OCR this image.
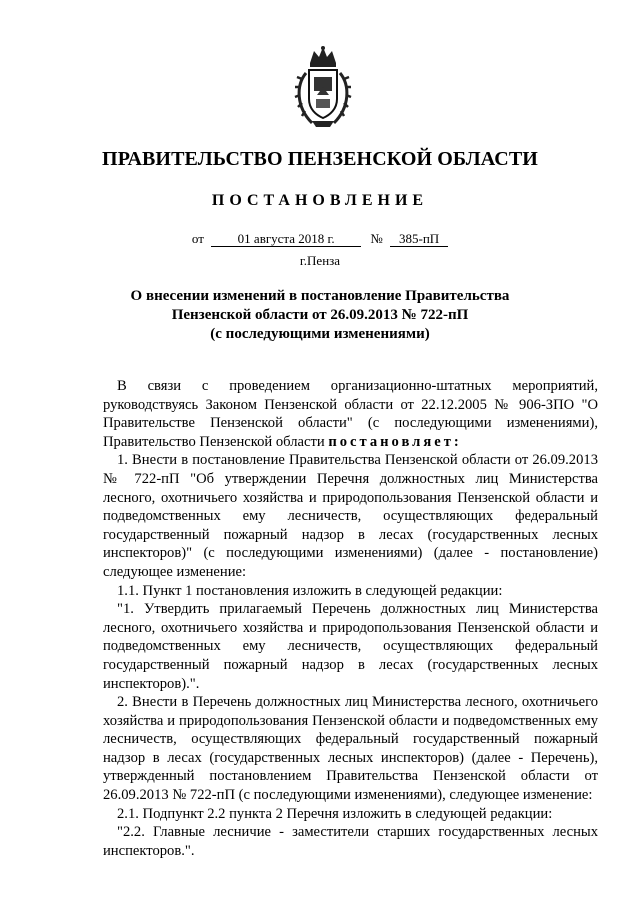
ПРАВИТЕЛЬСТВО ПЕНЗЕНСКОЙ ОБЛАСТИ
ПОСТАНОВЛЕНИЕ
от	01 августа 2018 г.	№ 385-пП
г.Пенза
О внесении изменений в постановление Правительства
Пензенской области от 26.09.2013 № 722-пП
(с последующими изменениями)

В связи с проведением организационно-штатных мероприятий, руководствуясь Законом Пензенской области от 22.12.2005 № 906-ЗПО "О Правительстве Пензенской области" (с последующими изменениями), Правительство Пензенской области постановляет:

1. Внести в постановление Правительства Пензенской области от 26.09.2013 № 722-пП "Об утверждении Перечня должностных лиц Министерства лесного, охотничьего хозяйства и природопользования Пензенской области и подведомственных ему лесничеств, осуществляющих федеральный государственный пожарный надзор в лесах (государственных лесных инспекторов)" (с последующими изменениями) (далее - постановление) следующее изменение:

1.1. Пункт 1 постановления изложить в следующей редакции:

"1. Утвердить прилагаемый Перечень должностных лиц Министерства лесного, охотничьего хозяйства и природопользования Пензенской области и подведомственных ему лесничеств, осуществляющих федеральный государственный пожарный надзор в лесах (государственных лесных инспекторов).".

2. Внести в Перечень должностных лиц Министерства лесного, охотничьего хозяйства и природопользования Пензенской области и подведомственных ему лесничеств, осуществляющих федеральный государственный пожарный надзор в лесах (государственных лесных инспекторов) (далее - Перечень), утвержденный постановлением Правительства Пензенской области от 26.09.2013 № 722-пП (с последующими изменениями), следующее изменение:

2.1. Подпункт 2.2 пункта 2 Перечня изложить в следующей редакции:

"2.2. Главные лесничие - заместители старших государственных лесных инспекторов.".
